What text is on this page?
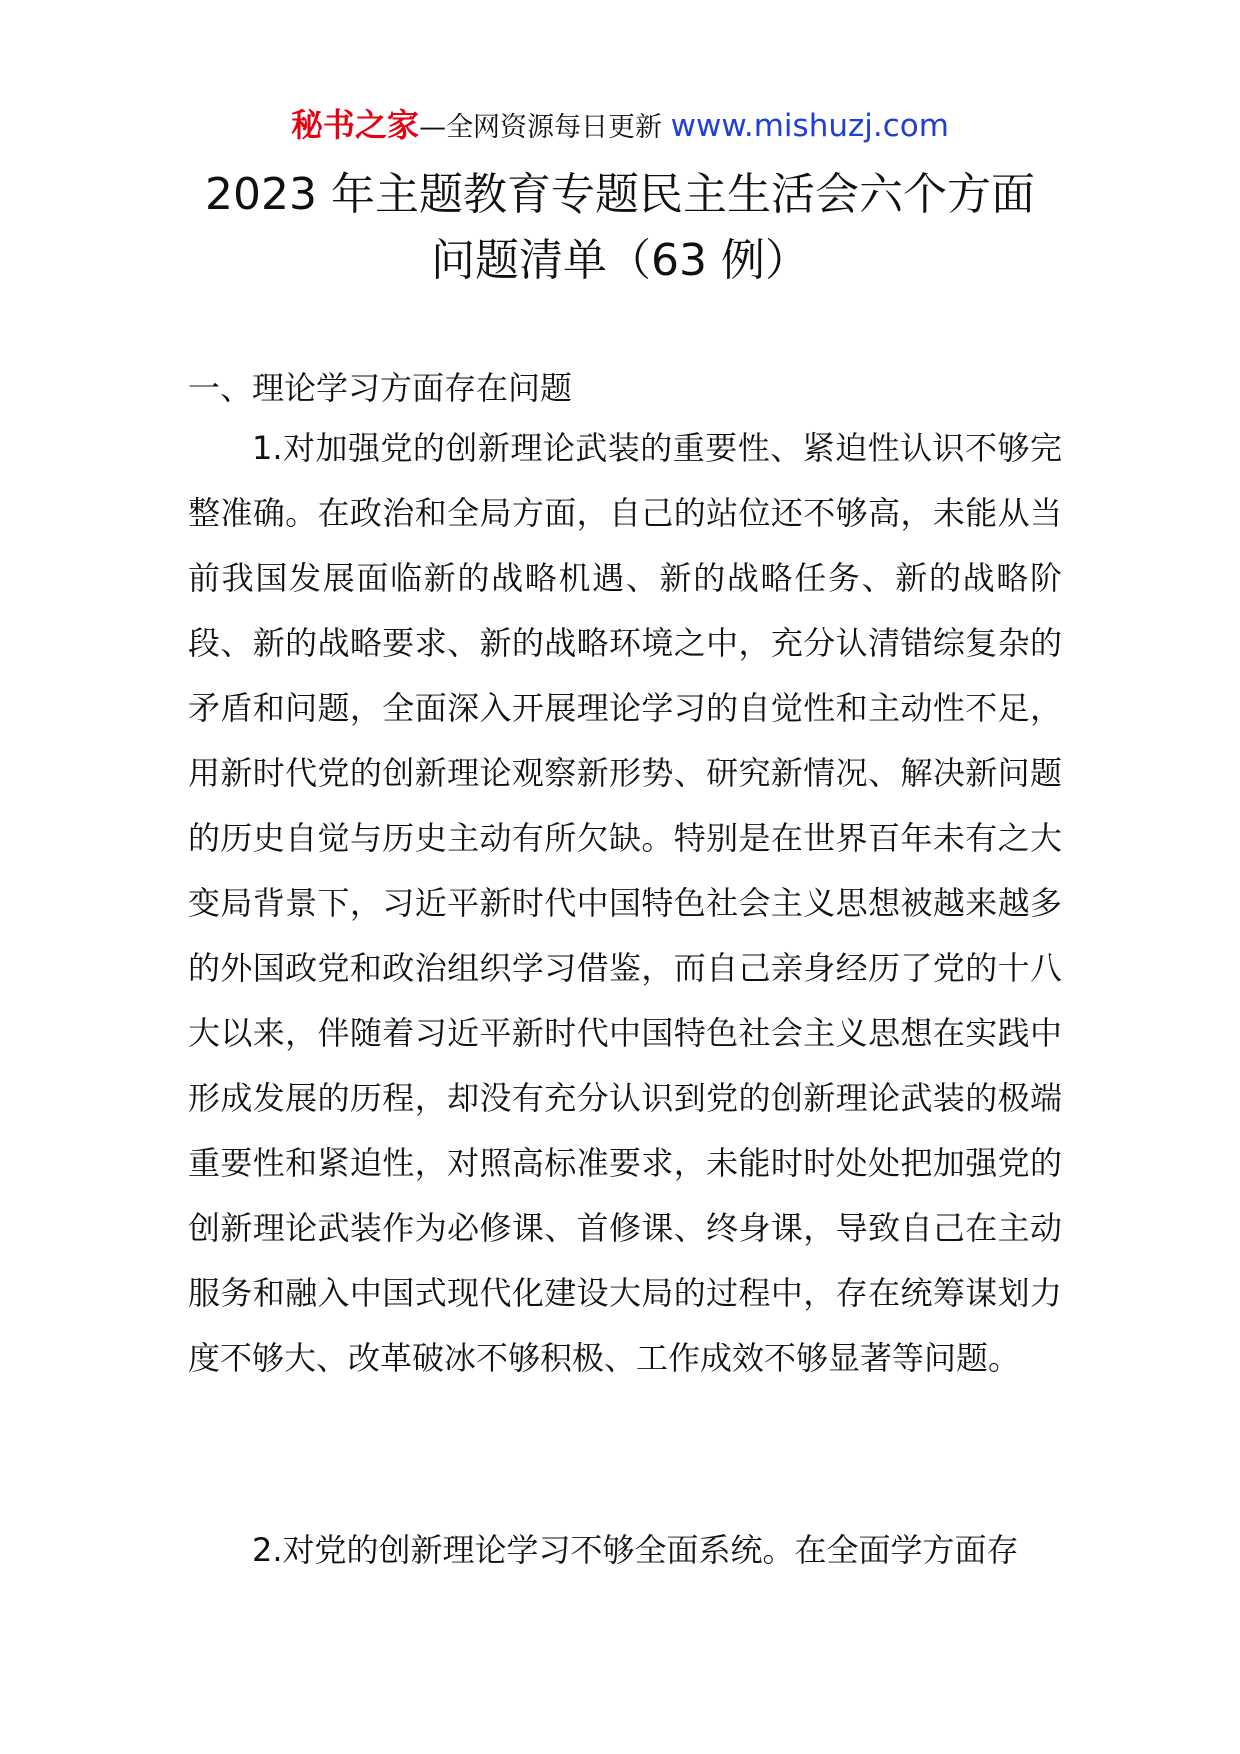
秘书之家—全网资源每日更新 www.mishuzj.com
2023 年主题教育专题民主生活会六个方面
问题清单（63 例）
一、理论学习方面存在问题

1.对加强党的创新理论武装的重要性、紧迫性认识不够完整准确。在政治和全局方面，自己的站位还不够高，未能从当前我国发展面临新的战略机遇、新的战略任务、新的战略阶段、新的战略要求、新的战略环境之中，充分认清错综复杂的矛盾和问题，全面深入开展理论学习的自觉性和主动性不足，用新时代党的创新理论观察新形势、研究新情况、解决新问题的历史自觉与历史主动有所欠缺。特别是在世界百年未有之大变局背景下，习近平新时代中国特色社会主义思想被越来越多的外国政党和政治组织学习借鉴，而自己亲身经历了党的十八大以来，伴随着习近平新时代中国特色社会主义思想在实践中形成发展的历程，却没有充分认识到党的创新理论武装的极端重要性和紧迫性，对照高标准要求，未能时时处处把加强党的创新理论武装作为必修课、首修课、终身课，导致自己在主动服务和融入中国式现代化建设大局的过程中，存在统筹谋划力度不够大、改革破冰不够积极、工作成效不够显著等问题。

2.对党的创新理论学习不够全面系统。在全面学方面存
